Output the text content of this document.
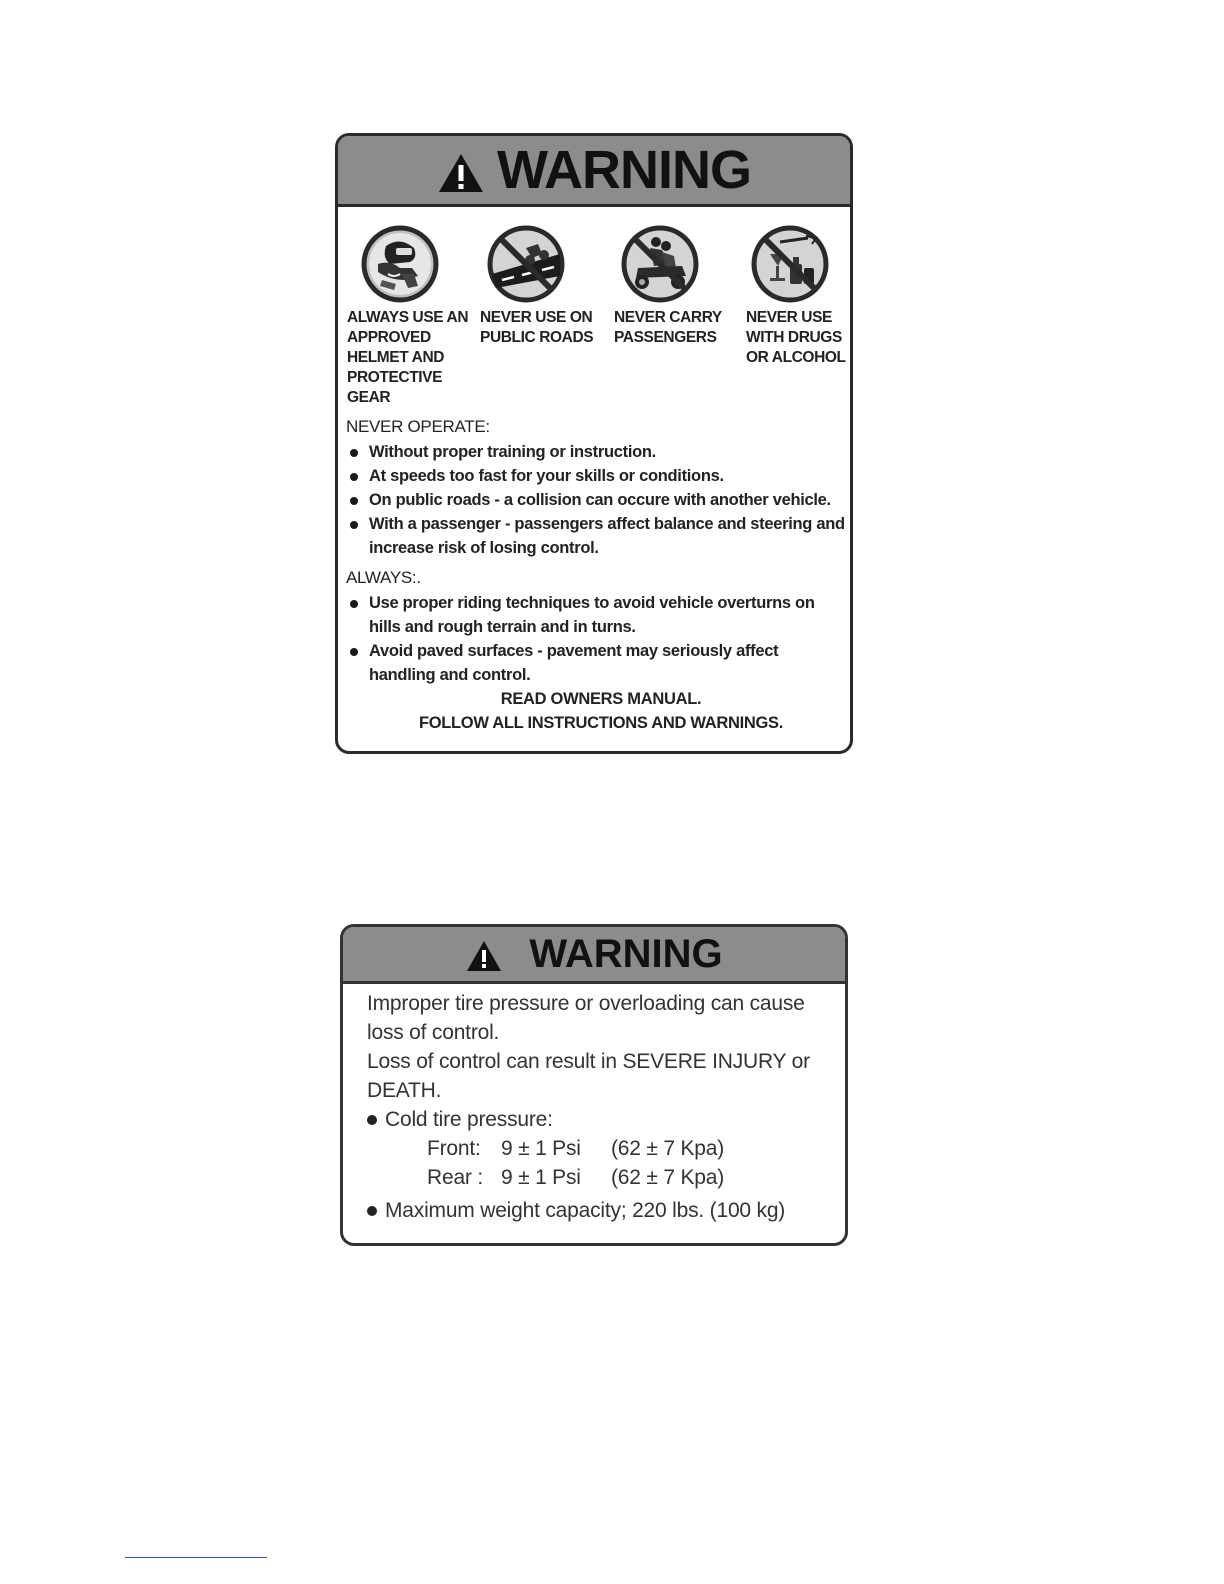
WARNING
ALWAYS USE AN
APPROVED
HELMET AND
PROTECTIVE
GEAR
NEVER USE ON
PUBLIC ROADS
NEVER CARRY
PASSENGERS
NEVER USE
WITH DRUGS
OR ALCOHOL

NEVER OPERATE:

Without proper training or instruction.
At speeds too fast for your skills or conditions.
On public roads - a collision can occure with another vehicle.
With a passenger - passengers affect balance and steering and increase risk of losing control.

ALWAYS:.

Use proper riding techniques to avoid vehicle overturns on hills and rough terrain and in turns.
Avoid paved surfaces - pavement may seriously affect handling and control.
READ OWNERS MANUAL.
FOLLOW ALL INSTRUCTIONS AND WARNINGS.
WARNING

Improper tire pressure or overloading can cause loss of control.

Loss of control can result in SEVERE INJURY or DEATH.

Cold tire pressure:

Front: 9 ± 1 Psi (62 ± 7 Kpa)

Rear : 9 ± 1 Psi (62 ± 7 Kpa)

Maximum weight capacity; 220 lbs. (100 kg)
